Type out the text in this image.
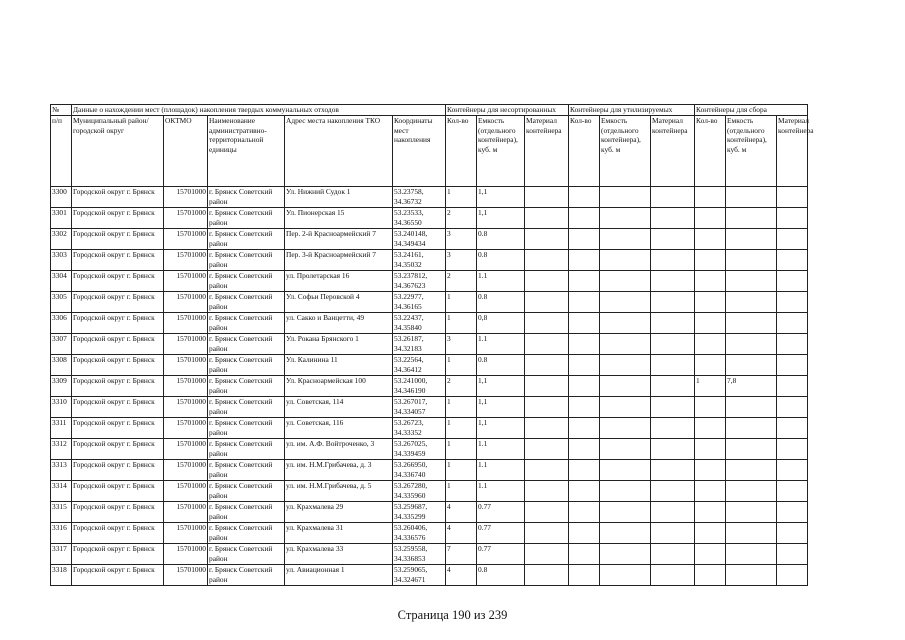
№	Данные о нахождении мест (площадок) накопления твердых коммунальных отходов					Контейнеры для несортированных			Контейнеры для утилизируемых			Контейнеры для сбора		
п/п	Муниципальный район/городской округ	ОКТМО	Наименование административно-территориальной единицы	Адрес места накопления ТКО	Координаты мест накопления	Кол-во	Емкость (отдельного контейнера), куб. м	Материал контейнера	Кол-во	Емкость (отдельного контейнера), куб. м	Материал контейнера	Кол-во	Емкость (отдельного контейнера), куб. м	Материал контейнера
3300	Городской округ г. Брянск	15701000	г. Брянск Советский район	Ул. Нижний Судок 1	53.23758, 34.36732	1	1,1							
3301	Городской округ г. Брянск	15701000	г. Брянск Советский район	Ул. Пионерская 15	53.23533, 34.36550	2	1,1							
3302	Городской округ г. Брянск	15701000	г. Брянск Советский район	Пер. 2-й Красноармейский 7	53.240148, 34.349434	3	0.8							
3303	Городской округ г. Брянск	15701000	г. Брянск Советский район	Пер. 3-й Красноармейский 7	53.24161, 34.35032	3	0.8							
3304	Городской округ г. Брянск	15701000	г. Брянск Советский район	ул. Пролетарская 16	53.237812, 34.367623	2	1.1							
3305	Городской округ г. Брянск	15701000	г. Брянск Советский район	Ул. Софьи Перовской 4	53.22977, 34.36165	1	0.8							
3306	Городской округ г. Брянск	15701000	г. Брянск Советский район	ул. Сакко и Ванцетти, 49	53.22437, 34.35840	1	0,8							
3307	Городской округ г. Брянск	15701000	г. Брянск Советский район	Ул. Рокана Брянского 1	53.26187, 34.32183	3	1.1							
3308	Городской округ г. Брянск	15701000	г. Брянск Советский район	Ул. Калинина 11	53.22564, 34.36412	1	0.8							
3309	Городской округ г. Брянск	15701000	г. Брянск Советский район	Ул. Красноармейская 100	53.241000, 34.346190	2	1,1					1	7,8	
3310	Городской округ г. Брянск	15701000	г. Брянск Советский район	ул. Советская, 114	53.267017, 34.334057	1	1,1							
3311	Городской округ г. Брянск	15701000	г. Брянск Советский район	ул. Советская, 116	53.26723, 34.33352	1	1,1							
3312	Городской округ г. Брянск	15701000	г. Брянск Советский район	ул. им. А.Ф. Войтроченко, 3	53.267025, 34.339459	1	1.1							
3313	Городской округ г. Брянск	15701000	г. Брянск Советский район	ул. им. Н.М.Грибачева, д. 3	53.266950, 34.336740	1	1.1							
3314	Городской округ г. Брянск	15701000	г. Брянск Советский район	ул. им. Н.М.Грибачева, д. 5	53.267280, 34.335960	1	1.1							
3315	Городской округ г. Брянск	15701000	г. Брянск Советский район	ул. Крахмалева 29	53.259687, 34.335299	4	0.77							
3316	Городской округ г. Брянск	15701000	г. Брянск Советский район	ул. Крахмалева 31	53.260406, 34.336576	4	0.77							
3317	Городской округ г. Брянск	15701000	г. Брянск Советский район	ул. Крахмалева 33	53.259558, 34.336853	7	0.77							
3318	Городской округ г. Брянск	15701000	г. Брянск Советский район	ул. Авиационная 1	53.259065, 34.324671	4	0.8							
Страница 190 из 239
